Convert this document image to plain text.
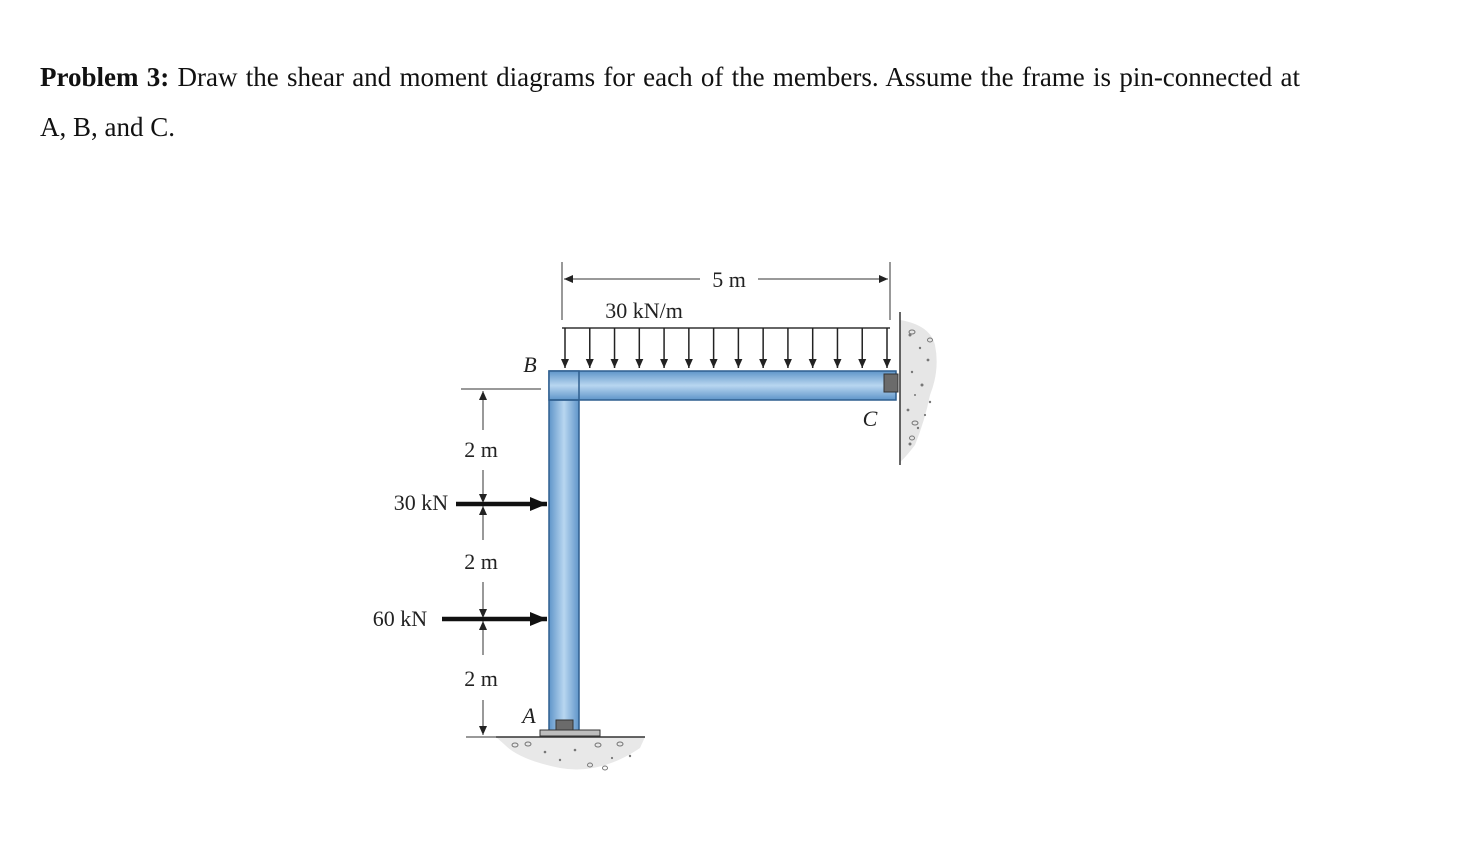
Problem 3: Draw the shear and moment diagrams for each of the members. Assume the frame is pin-connected at A, B, and C.
5 m
30 kN/m
B
C
A
2 m
2 m
2 m
30 kN
60 kN
